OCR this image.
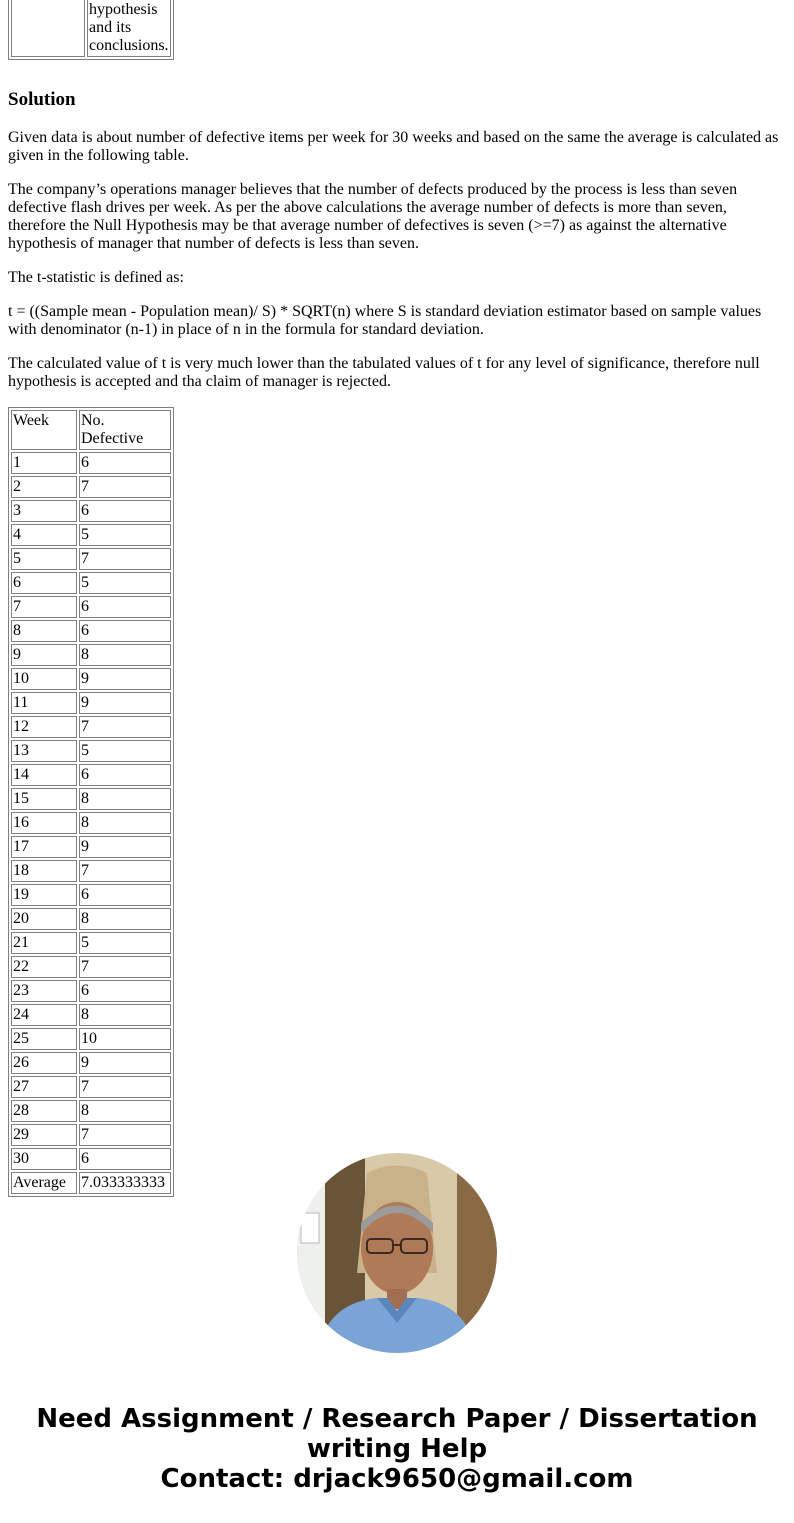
	hypothesis and its conclusions.
Solution

Given data is about number of defective items per week for 30 weeks and based on the same the average is calculated as given in the following table.

The company’s operations manager believes that the number of defects produced by the process is less than seven defective flash drives per week. As per the above calculations the average number of defects is more than seven, therefore the Null Hypothesis may be that average number of defectives is seven (>=7) as against the alternative hypothesis of manager that number of defects is less than seven.

The t-statistic is defined as:

t = ((Sample mean - Population mean)/ S) * SQRT(n) where S is standard deviation estimator based on sample values with denominator (n-1) in place of n in the formula for standard deviation.

The calculated value of t is very much lower than the tabulated values of t for any level of significance, therefore null hypothesis is accepted and tha claim of manager is rejected.

Week	No. Defective
1	6
2	7
3	6
4	5
5	7
6	5
7	6
8	6
9	8
10	9
11	9
12	7
13	5
14	6
15	8
16	8
17	9
18	7
19	6
20	8
21	5
22	7
23	6
24	8
25	10
26	9
27	7
28	8
29	7
30	6
Average	7.033333333
Need Assignment / Research Paper / Dissertation
writing Help
Contact: drjack9650@gmail.com
